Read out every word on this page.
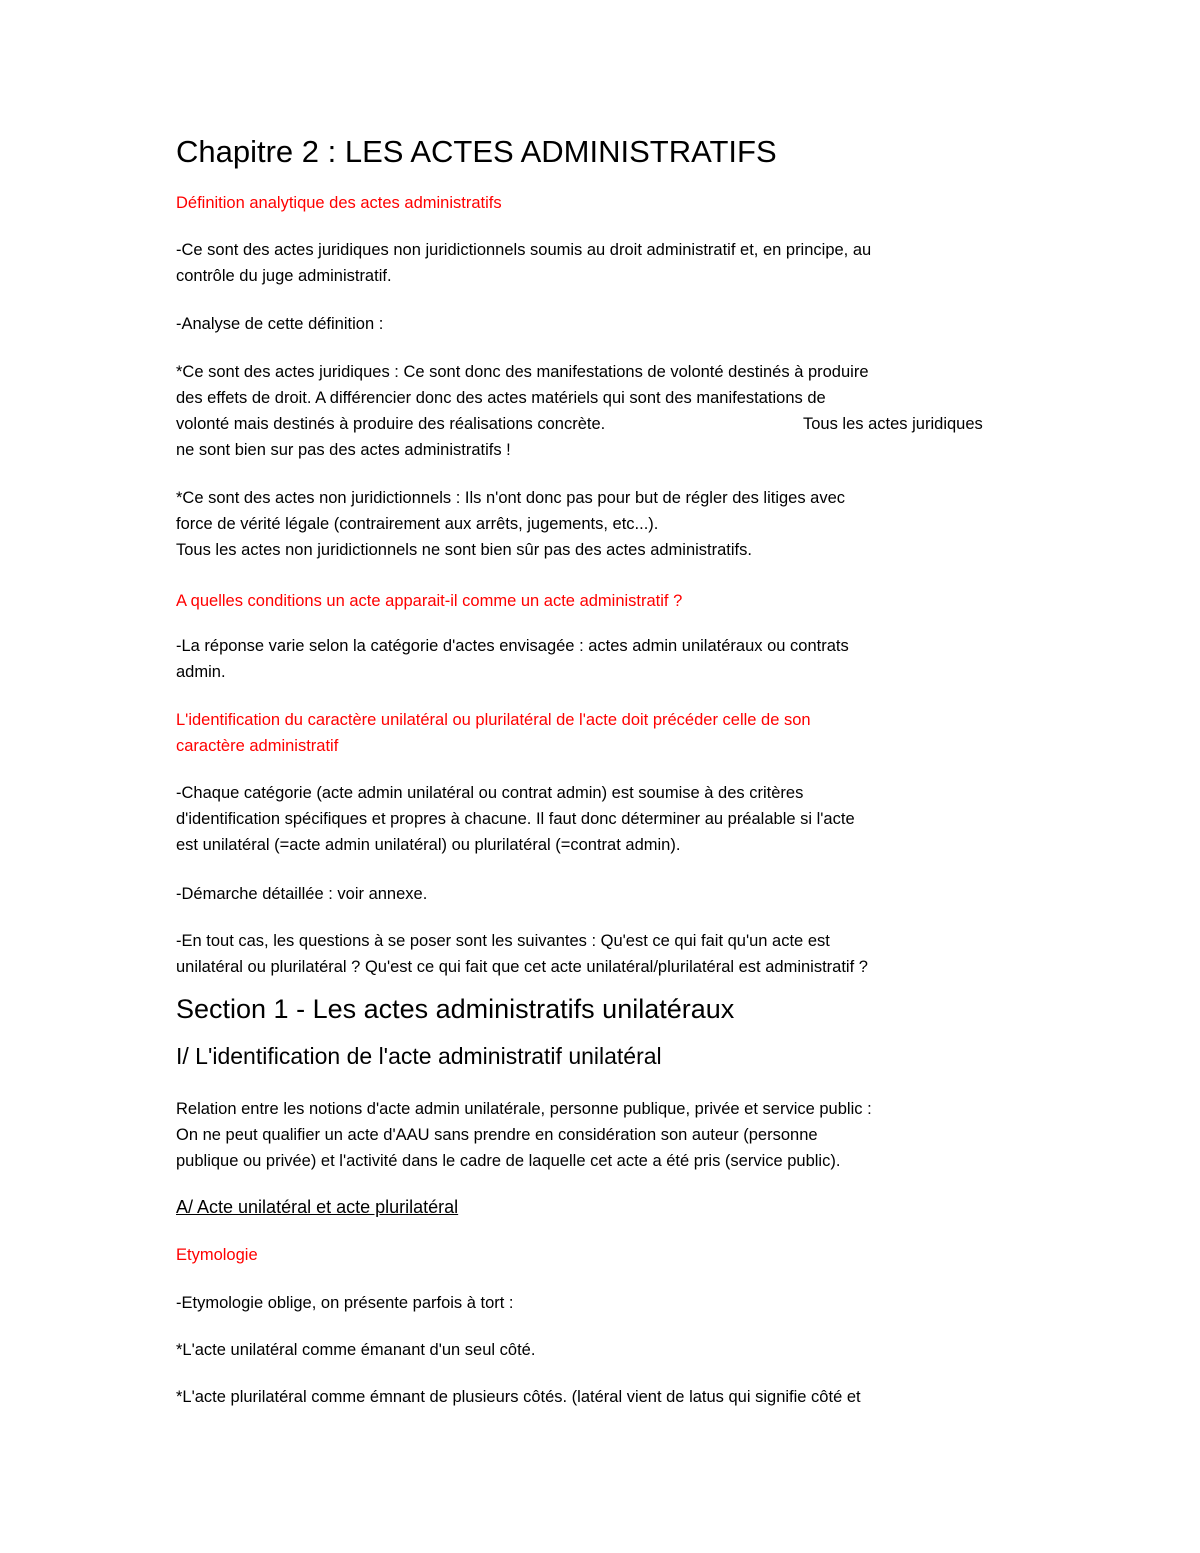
Chapitre 2 : LES ACTES ADMINISTRATIFS

Définition analytique des actes administratifs

-Ce sont des actes juridiques non juridictionnels soumis au droit administratif et, en principe, au
contrôle du juge administratif.

-Analyse de cette définition :

*Ce sont des actes juridiques : Ce sont donc des manifestations de volonté destinés à produire
des effets de droit. A différencier donc des actes matériels qui sont des manifestations de
volonté mais destinés à produire des réalisations concrète.	Tous les actes juridiques
ne sont bien sur pas des actes administratifs !
*Ce sont des actes non juridictionnels : Ils n'ont donc pas pour but de régler des litiges avec
force de vérité légale (contrairement aux arrêts, jugements, etc...).
Tous les actes non juridictionnels ne sont bien sûr pas des actes administratifs.

A quelles conditions un acte apparait-il comme un acte administratif ?

-La réponse varie selon la catégorie d'actes envisagée : actes admin unilatéraux ou contrats
admin.
L'identification du caractère unilatéral ou plurilatéral de l'acte doit précéder celle de son
caractère administratif
-Chaque catégorie (acte admin unilatéral ou contrat admin) est soumise à des critères
d'identification spécifiques et propres à chacune. Il faut donc déterminer au préalable si l'acte
est unilatéral (=acte admin unilatéral) ou plurilatéral (=contrat admin).

-Démarche détaillée : voir annexe.

-En tout cas, les questions à se poser sont les suivantes : Qu'est ce qui fait qu'un acte est
unilatéral ou plurilatéral ? Qu'est ce qui fait que cet acte unilatéral/plurilatéral est administratif ?
Section 1 - Les actes administratifs unilatéraux
I/ L'identification de l'acte administratif unilatéral
Relation entre les notions d'acte admin unilatérale, personne publique, privée et service public :
On ne peut qualifier un acte d'AAU sans prendre en considération son auteur (personne
publique ou privée) et l'activité dans le cadre de laquelle cet acte a été pris (service public).

A/ Acte unilatéral et acte plurilatéral

Etymologie

-Etymologie oblige, on présente parfois à tort :

*L'acte unilatéral comme émanant d'un seul côté.

*L'acte plurilatéral comme émnant de plusieurs côtés. (latéral vient de latus qui signifie côté et
